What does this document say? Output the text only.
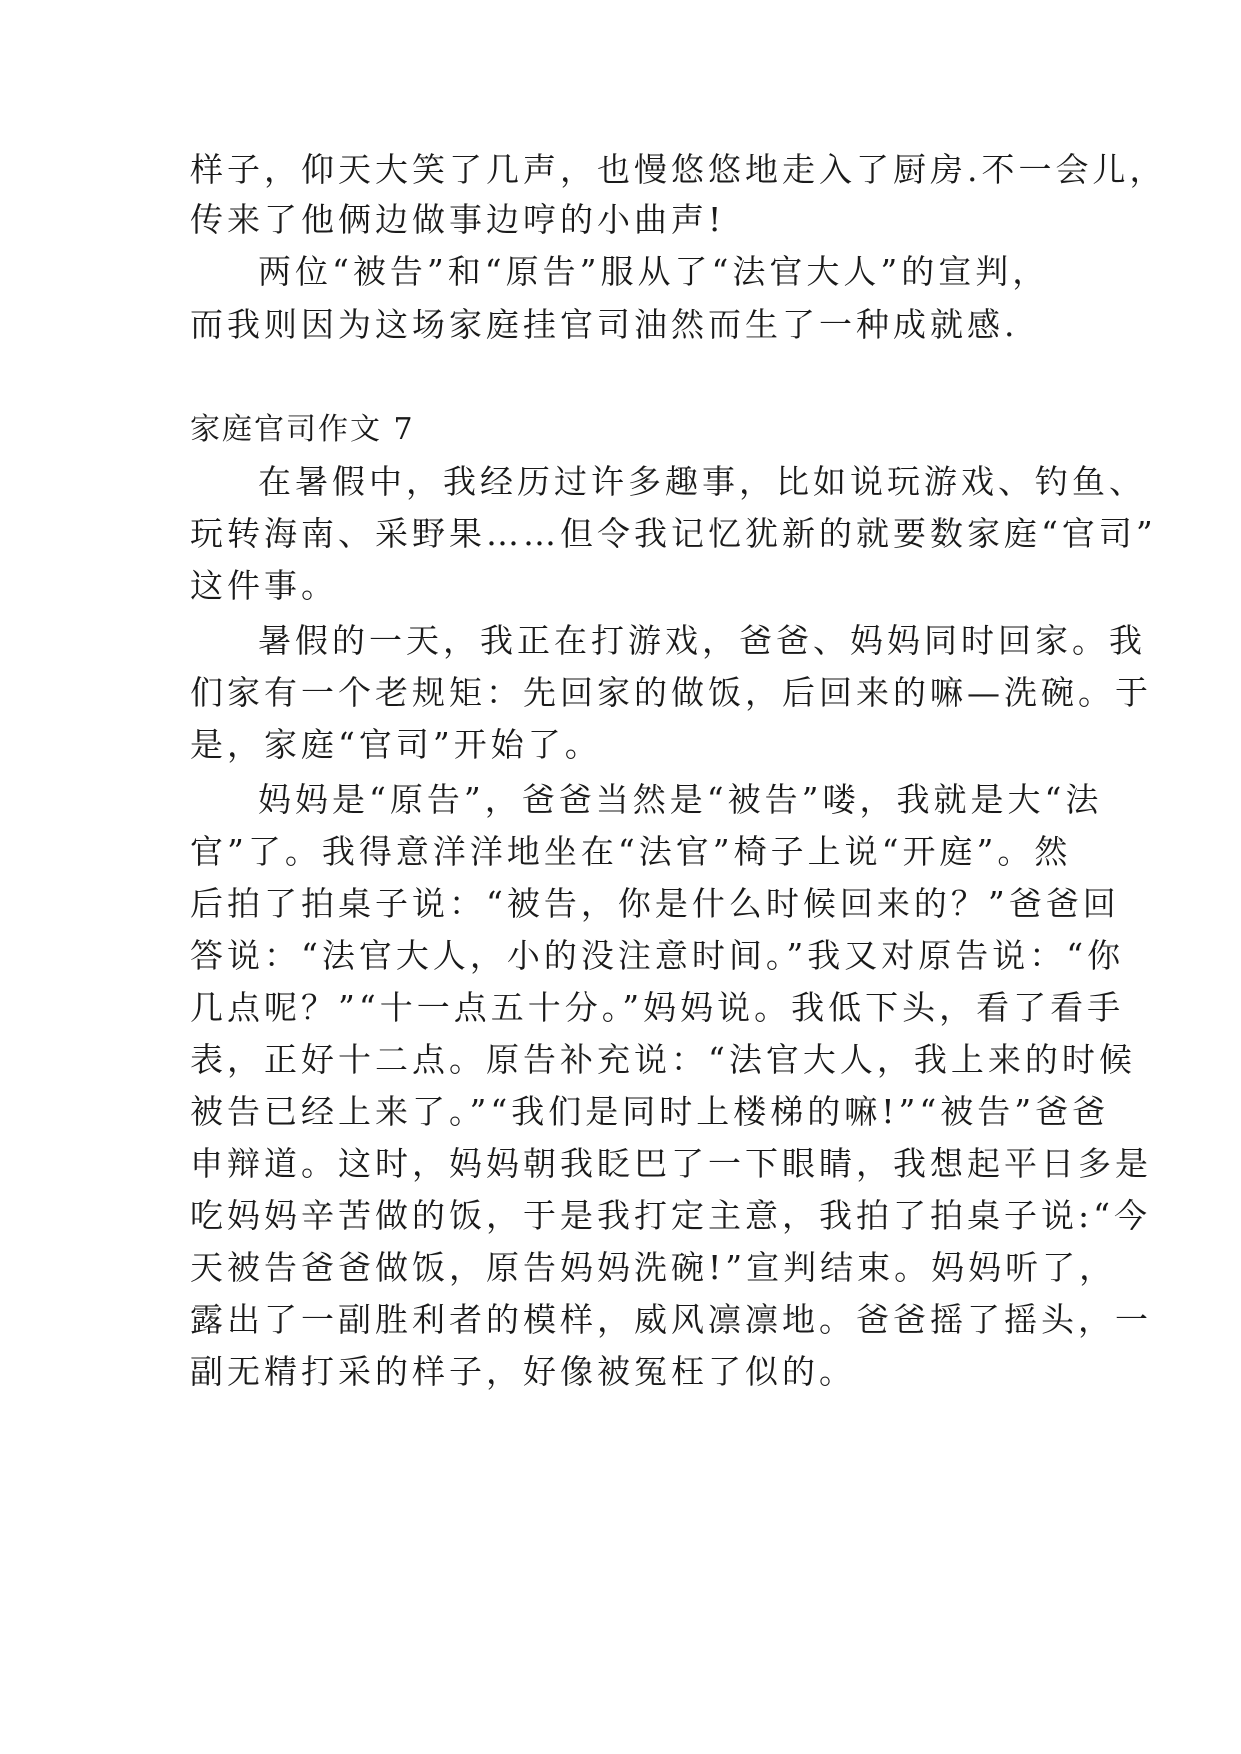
样子，仰天大笑了几声，也慢悠悠地走入了厨房.不一会儿，
传来了他俩边做事边哼的小曲声!
两位“被告”和“原告”服从了“法官大人”的宣判，
而我则因为这场家庭挂官司油然而生了一种成就感.
家庭官司作文 7
在暑假中，我经历过许多趣事，比如说玩游戏、钓鱼、
玩转海南、采野果……但令我记忆犹新的就要数家庭“官司”
这件事。
暑假的一天，我正在打游戏，爸爸、妈妈同时回家。我
们家有一个老规矩：先回家的做饭，后回来的嘛—洗碗。于
是，家庭“官司”开始了。
妈妈是“原告”，爸爸当然是“被告”喽，我就是大“法
官”了。我得意洋洋地坐在“法官”椅子上说“开庭”。然
后拍了拍桌子说：“被告，你是什么时候回来的？”爸爸回
答说：“法官大人，小的没注意时间。”我又对原告说：“你
几点呢？”“十一点五十分。”妈妈说。我低下头，看了看手
表，正好十二点。原告补充说：“法官大人，我上来的时候
被告已经上来了。”“我们是同时上楼梯的嘛!”“被告”爸爸
申辩道。这时，妈妈朝我眨巴了一下眼睛，我想起平日多是
吃妈妈辛苦做的饭，于是我打定主意，我拍了拍桌子说:“今
天被告爸爸做饭，原告妈妈洗碗!”宣判结束。妈妈听了，
露出了一副胜利者的模样，威风凛凛地。爸爸摇了摇头，一
副无精打采的样子，好像被冤枉了似的。
